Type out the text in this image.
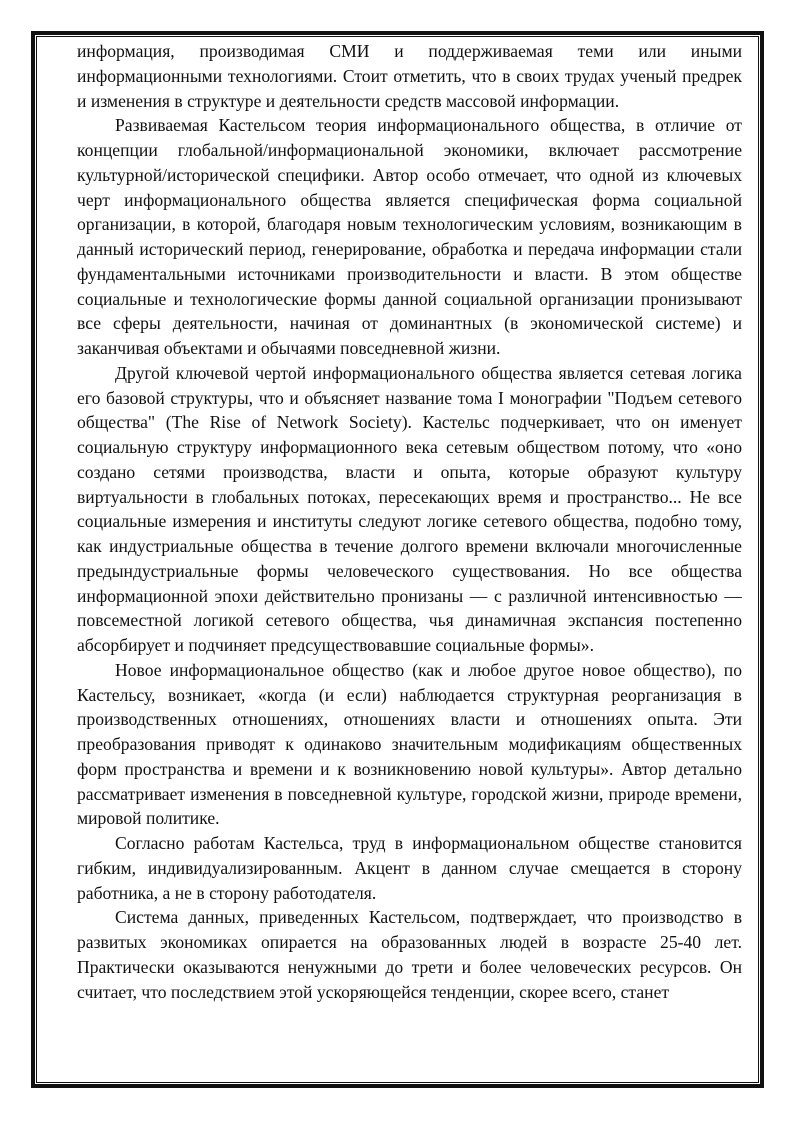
информация, производимая СМИ и поддерживаемая теми или иными информационными технологиями. Стоит отметить, что в своих трудах ученый предрек и изменения в структуре и деятельности средств массовой информации.

Развиваемая Кастельсом теория информационального общества, в отличие от концепции глобальной/информациональной экономики, включает рассмотрение культурной/исторической специфики. Автор особо отмечает, что одной из ключевых черт информационального общества является специфическая форма социальной организации, в которой, благодаря новым технологическим условиям, возникающим в данный исторический период, генерирование, обработка и передача информации стали фундаментальными источниками производительности и власти. В этом обществе социальные и технологические формы данной социальной организации пронизывают все сферы деятельности, начиная от доминантных (в экономической системе) и заканчивая объектами и обычаями повседневной жизни.

Другой ключевой чертой информационального общества является сетевая логика его базовой структуры, что и объясняет название тома I монографии "Подъем сетевого общества" (The Rise of Network Society). Кастельс подчеркивает, что он именует социальную структуру информационного века сетевым обществом потому, что «оно создано сетями производства, власти и опыта, которые образуют культуру виртуальности в глобальных потоках, пересекающих время и пространство... Не все социальные измерения и институты следуют логике сетевого общества, подобно тому, как индустриальные общества в течение долгого времени включали многочисленные предындустриальные формы человеческого существования. Но все общества информационной эпохи действительно пронизаны — с различной интенсивностью — повсеместной логикой сетевого общества, чья динамичная экспансия постепенно абсорбирует и подчиняет предсуществовавшие социальные формы».

Новое информациональное общество (как и любое другое новое общество), по Кастельсу, возникает, «когда (и если) наблюдается структурная реорганизация в производственных отношениях, отношениях власти и отношениях опыта. Эти преобразования приводят к одинаково значительным модификациям общественных форм пространства и времени и к возникновению новой культуры». Автор детально рассматривает изменения в повседневной культуре, городской жизни, природе времени, мировой политике.

Согласно работам Кастельса, труд в информациональном обществе становится гибким, индивидуализированным. Акцент в данном случае смещается в сторону работника, а не в сторону работодателя.

Система данных, приведенных Кастельсом, подтверждает, что производство в развитых экономиках опирается на образованных людей в возрасте 25-40 лет. Практически оказываются ненужными до трети и более человеческих ресурсов. Он считает, что последствием этой ускоряющейся тенденции, скорее всего, станет
